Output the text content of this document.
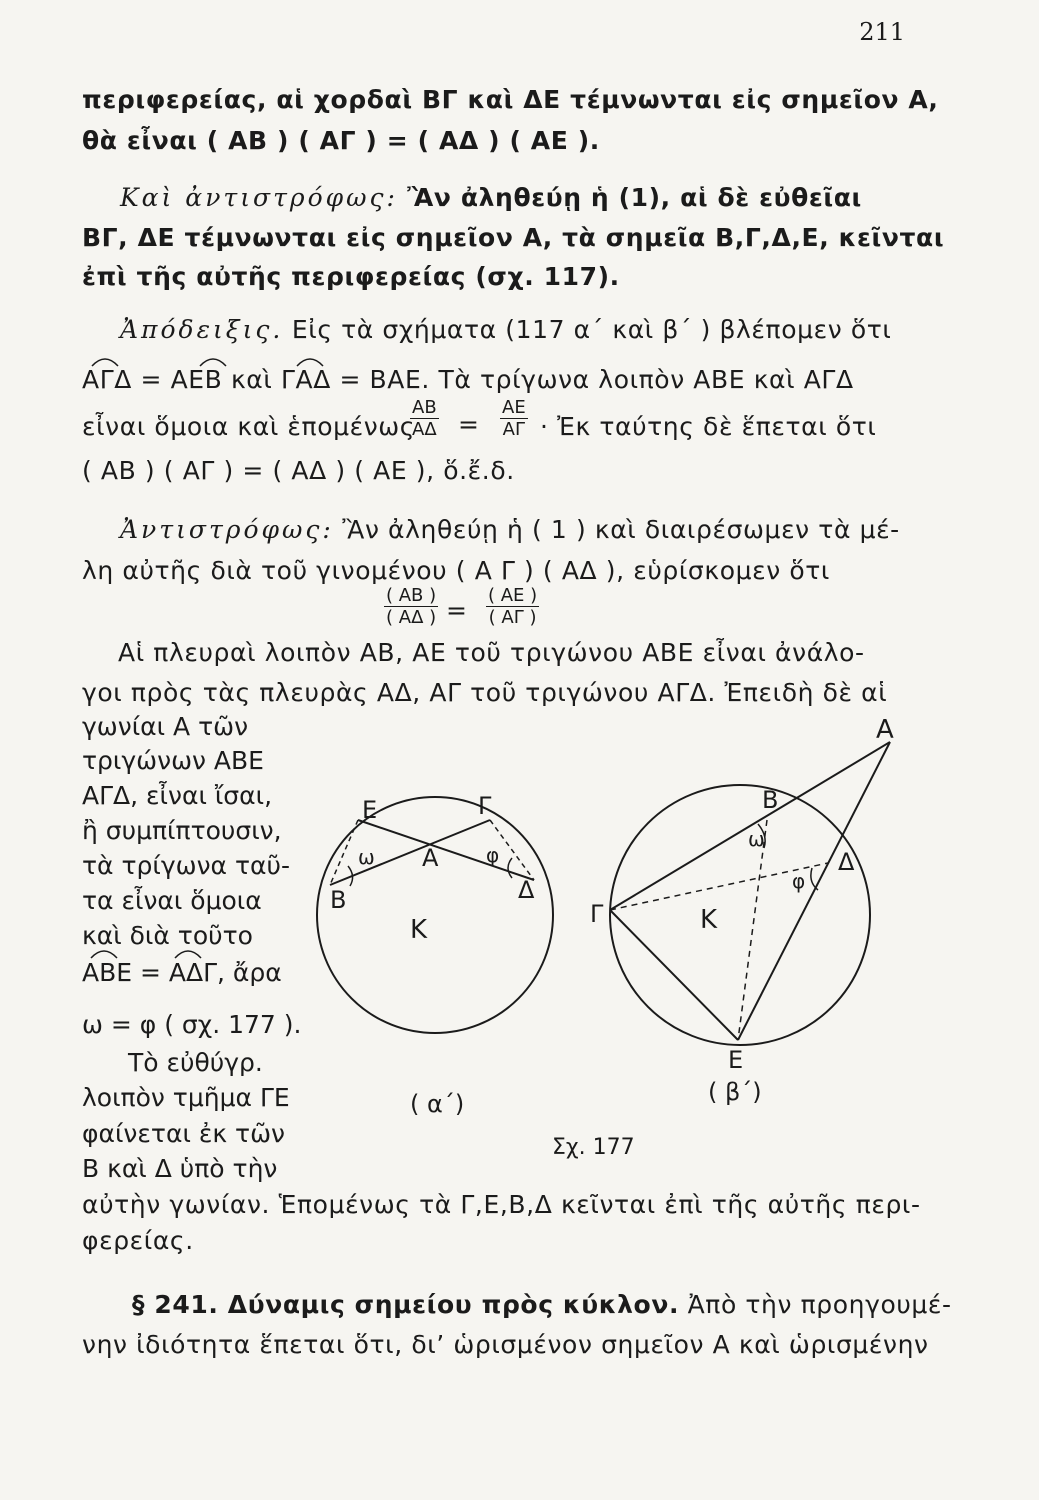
211
περιφερείας, αἱ χορδαὶ ΒΓ καὶ ΔΕ τέμνωνται εἰς σημεῖον Α,
θὰ εἶναι ( ΑΒ ) ( ΑΓ ) = ( ΑΔ ) ( ΑΕ ).
Καὶ ἀντιστρόφως: Ἂν ἀληθεύῃ ἡ (1), αἱ δὲ εὐθεῖαι
ΒΓ, ΔΕ τέμνωνται εἰς σημεῖον Α, τὰ σημεῖα Β,Γ,Δ,Ε, κεῖνται
ἐπὶ τῆς αὐτῆς περιφερείας (σχ. 117).
Ἀπόδειξις. Εἰς τὰ σχήματα (117 α΄ καὶ β΄ ) βλέπομεν ὅτι
ΑΓΔ = ΑΕΒ καὶ ΓΑΔ = ΒΑΕ. Τὰ τρίγωνα λοιπὸν ΑΒΕ καὶ ΑΓΔ
εἶναι ὅμοια καὶ ἑπομένως
$\frac{AB}{A\Delta} = \frac{AE}{A\Gamma}$ · Ἐκ ταύτης δὲ ἕπεται ὅτι
( ΑΒ ) ( ΑΓ ) = ( ΑΔ ) ( ΑΕ ), ὅ.ἔ.δ.
Ἀντιστρόφως: Ἂν ἀληθεύῃ ἡ ( 1 ) καὶ διαιρέσωμεν τὰ μέ-
λη αὐτῆς διὰ τοῦ γινομένου ( Α Γ ) ( ΑΔ ), εὑρίσκομεν ὅτι
$\frac{( AB )}{( A\Delta )} = \frac{( AE )}{( A\Gamma )}$
Αἱ πλευραὶ λοιπὸν ΑΒ, ΑΕ τοῦ τριγώνου ΑΒΕ εἶναι ἀνάλο-
γοι πρὸς τὰς πλευρὰς ΑΔ, ΑΓ τοῦ τριγώνου ΑΓΔ. Ἐπειδὴ δὲ αἱ
γωνίαι Α τῶν
τριγώνων ΑΒΕ
ΑΓΔ, εἶναι ἴσαι,
ἢ συμπίπτουσιν,
τὰ τρίγωνα ταῦ-
τα εἶναι ὅμοια
καὶ διὰ τοῦτο
ΑΒΕ = ΑΔΓ, ἄρα
ω = φ ( σχ. 177 ).
Τὸ εὐθύγρ.
λοιπὸν τμῆμα ΓΕ
φαίνεται ἐκ τῶν
Β καὶ Δ ὑπὸ τὴν
Ε	Γ
Α
Β	Δ
Κ
ω	φ
( α΄)
Α
Β
Γ
Δ
Ε
Κ
ω
φ
( β΄)
Σχ. 177
αὐτὴν γωνίαν. Ἑπομένως τὰ Γ,Ε,Β,Δ κεῖνται ἐπὶ τῆς αὐτῆς περι-
φερείας.
§ 241. Δύναμις σημείου πρὸς κύκλον. Ἀπὸ τὴν προηγουμέ-
νην ἰδιότητα ἕπεται ὅτι, δι’ ὡρισμένον σημεῖον Α καὶ ὡρισμένην
